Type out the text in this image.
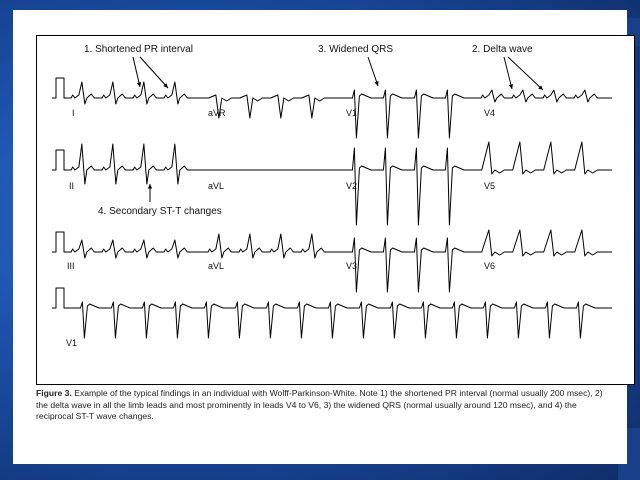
1. Shortened PR interval	3. Widened QRS	2. Delta wave
4. Secondary ST-T changes
I	aVR	V1	V4
II	aVL	V2	V5
III	aVL	V3	V6
V1
Figure 3. Example of the typical findings in an individual with Wolff-Parkinson-White. Note 1) the shortened PR interval (normal usually 200 msec), 2) the delta wave in all the limb leads and most prominently in leads V4 to V6, 3) the widened QRS (normal usually around 120 msec), and 4) the reciprocal ST-T wave changes.
